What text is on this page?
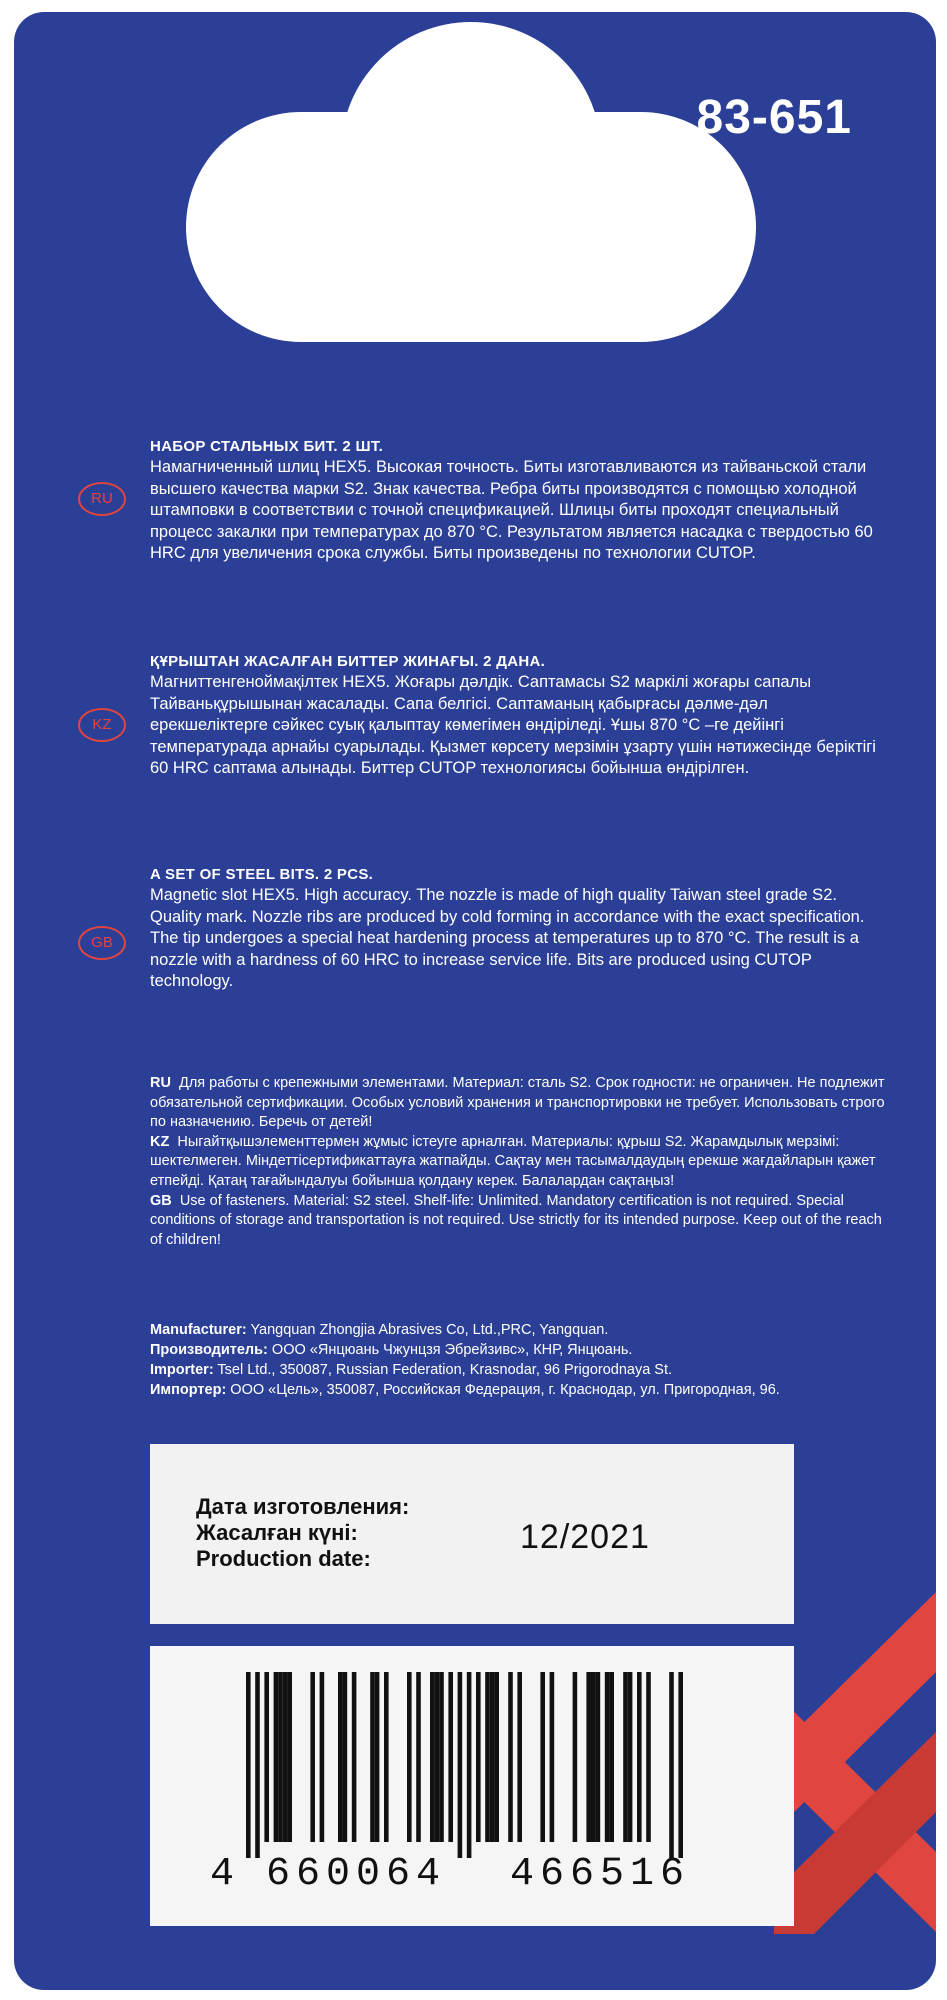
83-651
RU
НАБОР СТАЛЬНЫХ БИТ. 2 ШТ.
Намагниченный шлиц HEX5. Высокая точность. Биты изготавливаются из тайваньской стали высшего качества марки S2. Знак качества. Ребра биты производятся с помощью холодной штамповки в соответствии с точной спецификацией. Шлицы биты проходят специальный процесс закалки при температурах до 870 °С. Результатом является насадка с твердостью 60 HRC для увеличения срока службы. Биты произведены по технологии CUTOP.
KZ
ҚҰРЫШТАН ЖАСАЛҒАН БИТТЕР ЖИНАҒЫ. 2 ДАНА.
Магниттенгеноймақiлтек HEX5. Жоғары дәлдік. Саптамасы S2 маркілі жоғары сапалы Тайваньқұрышынан жасалады. Сапа белгісі. Саптаманың қабырғасы дәлме-дәл ерекшеліктерге сәйкес суық қалыптау көмегімен өндіріледі. Ұшы 870 °C –ге дейінгі температурада арнайы суарылады. Қызмет көрсету мерзімін ұзарту үшін нәтижесінде беріктігі 60 HRC саптама алынады. Биттер CUTOP технологиясы бойынша өндірілген.
GB
A SET OF STEEL BITS. 2 PCS.
Magnetic slot HEX5. High accuracy. The nozzle is made of high quality Taiwan steel grade S2. Quality mark. Nozzle ribs are produced by cold forming in accordance with the exact specification. The tip undergoes a special heat hardening process at temperatures up to 870 °C. The result is a nozzle with a hardness of 60 HRC to increase service life. Bits are produced using CUTOP technology.
RU Для работы с крепежными элементами. Материал: сталь S2. Срок годности: не ограничен. Не подлежит обязательной сертификации. Особых условий хранения и транспортировки не требует. Использовать строго по назначению. Беречь от детей!
KZ Ныгайтқышэлементтермен жұмыс істеуге арналған. Материалы: құрыш S2. Жарамдылық мерзімі: шектелмеген. Міндеттісертификаттауға жатпайды. Сақтау мен тасымалдаудың ерекше жағдайларын қажет етпейді. Қатаң тағайындалуы бойынша қолдану керек. Балалардан сақтаңыз!
GB Use of fasteners. Material: S2 steel. Shelf-life: Unlimited. Mandatory certification is not required. Special conditions of storage and transportation is not required. Use strictly for its intended purpose. Keep out of the reach of children!
Manufacturer: Yangquan Zhongjia Abrasives Co, Ltd.,PRC, Yangquan.
Производитель: ООО «Янцюань Чжунцзя Эбрейзивс», КНР, Янцюань.
Importer: Tsel Ltd., 350087, Russian Federation, Krasnodar, 96 Prigorodnaya St.
Импортер: ООО «Цель», 350087, Российская Федерация, г. Краснодар, ул. Пригородная, 96.
Дата изготовления:
Жасалған күні:
Production date:
12/2021
4 660064 466516
